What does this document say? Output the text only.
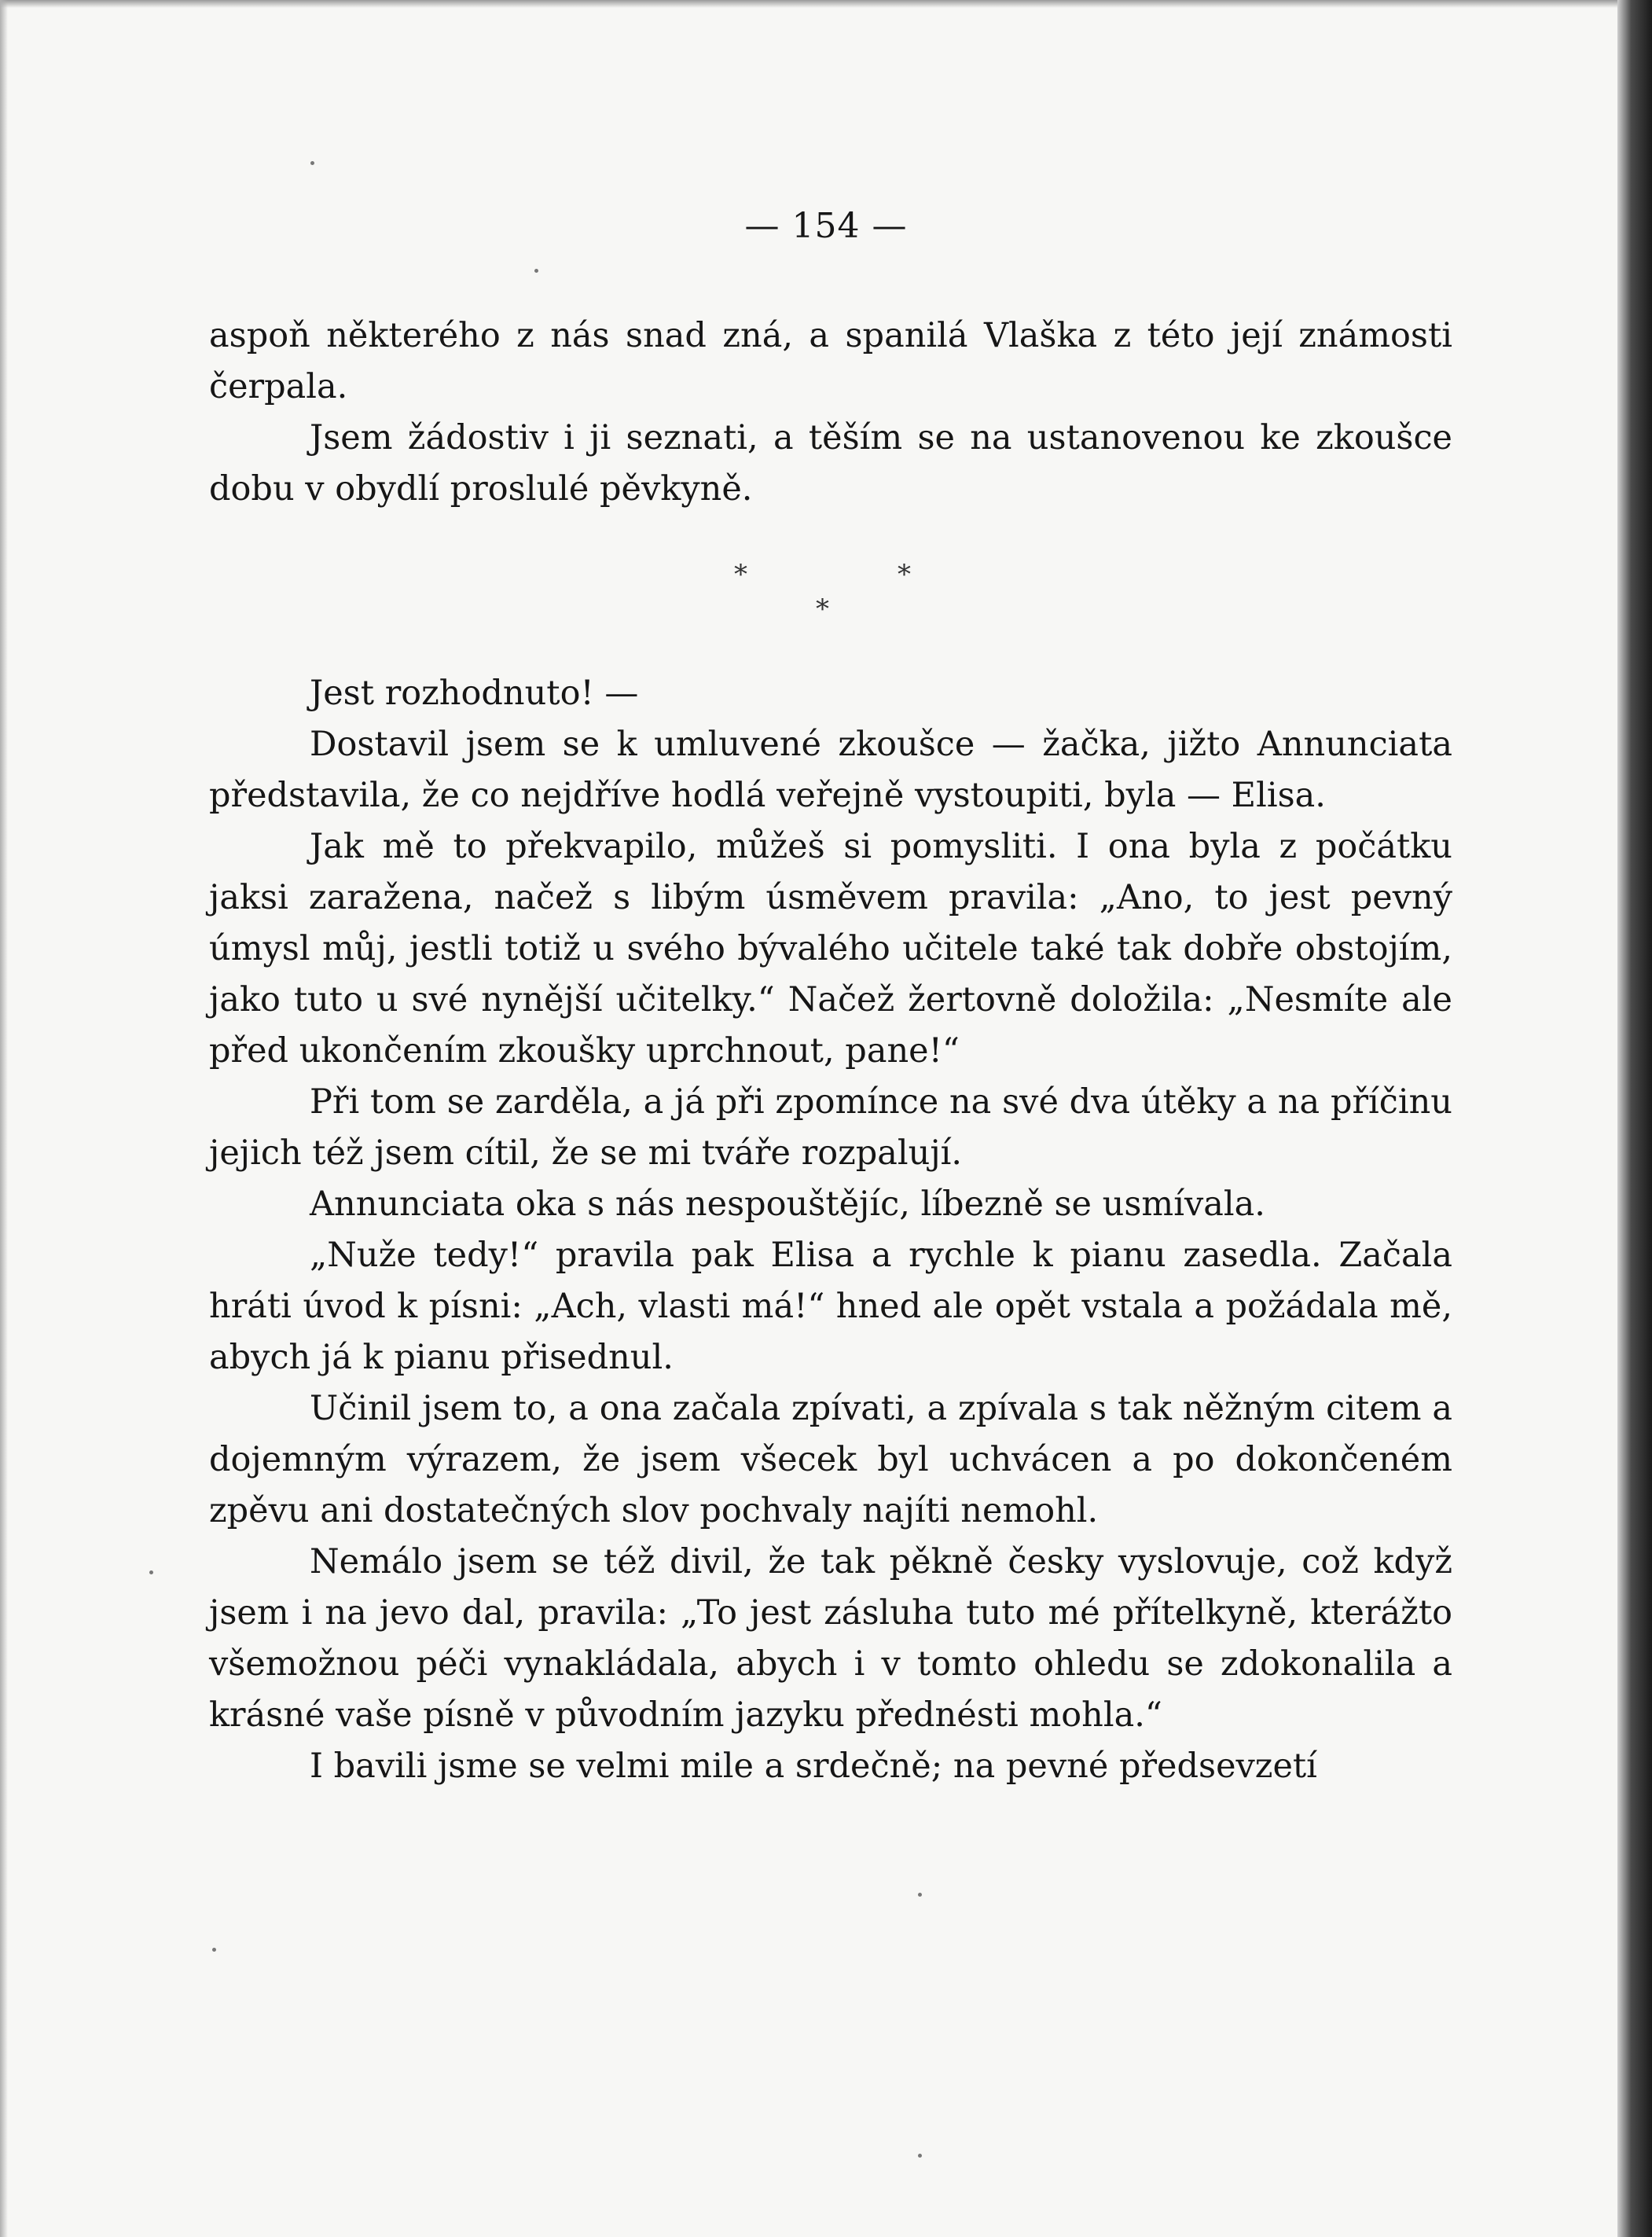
— 154 —

aspoň některého z nás snad zná, a spanilá Vlaška z této její známosti čerpala.

Jsem žádostiv i ji seznati, a těším se na ustanovenou ke zkoušce dobu v obydlí proslulé pěvkyně.

*	*
*

Jest rozhodnuto! —

Dostavil jsem se k umluvené zkoušce — žačka, jižto Annunciata představila, že co nejdříve hodlá veřejně vystoupiti, byla — Elisa.

Jak mě to překvapilo, můžeš si pomysliti. I ona byla z počátku jaksi zaražena, načež s libým úsměvem pravila: „Ano, to jest pevný úmysl můj, jestli totiž u svého bývalého učitele také tak dobře obstojím, jako tuto u své nynější učitelky.“ Načež žertovně doložila: „Nesmíte ale před ukončením zkoušky uprchnout, pane!“

Při tom se zarděla, a já při zpomínce na své dva útěky a na příčinu jejich též jsem cítil, že se mi tváře rozpalují.

Annunciata oka s nás nespouštějíc, líbezně se usmívala.

„Nuže tedy!“ pravila pak Elisa a rychle k pianu zasedla. Začala hráti úvod k písni: „Ach, vlasti má!“ hned ale opět vstala a požádala mě, abych já k pianu přisednul.

Učinil jsem to, a ona začala zpívati, a zpívala s tak něžným citem a dojemným výrazem, že jsem všecek byl uchvácen a po dokončeném zpěvu ani dostatečných slov pochvaly najíti nemohl.

Nemálo jsem se též divil, že tak pěkně česky vyslovuje, což když jsem i na jevo dal, pravila: „To jest zásluha tuto mé přítelkyně, kterážto všemožnou péči vynakládala, abych i v tomto ohledu se zdokonalila a krásné vaše písně v původním jazyku přednésti mohla.“

I bavili jsme se velmi mile a srdečně; na pevné předsevzetí
